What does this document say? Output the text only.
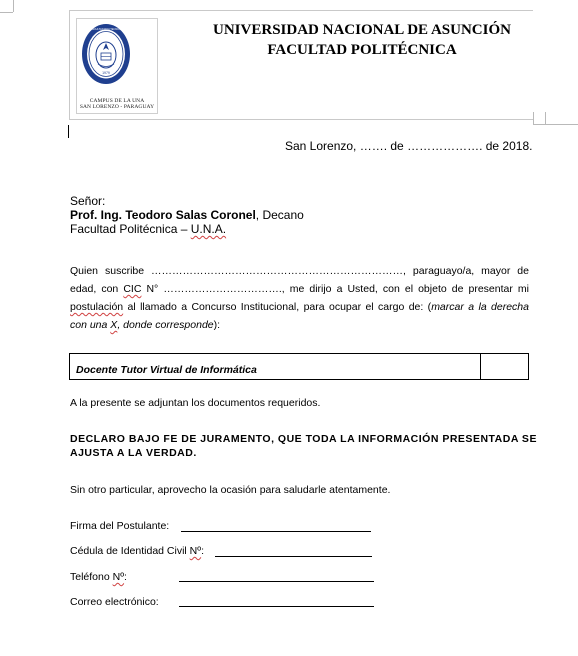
1979
FACULTAD POLITECNICA
CAMPUS DE LA UNA
SAN LORENZO - PARAGUAY
UNIVERSIDAD NACIONAL DE ASUNCIÓN
FACULTAD POLITÉCNICA
San Lorenzo, ……. de ………………. de 2018.
Señor:
Prof. Ing. Teodoro Salas Coronel, Decano
Facultad Politécnica – U.N.A.
Quien suscribe ………………………………………………………………, paraguayo/a, mayor de
edad, con CIC N° ……………………………., me dirijo a Usted, con el objeto de presentar mi
postulación al llamado a Concurso Institucional, para ocupar el cargo de: (marcar a la derecha
con una X, donde corresponde):
Docente Tutor Virtual de Informática
A la presente se adjuntan los documentos requeridos.
DECLARO BAJO FE DE JURAMENTO, QUE TODA LA INFORMACIÓN PRESENTADA SE
AJUSTA A LA VERDAD.
Sin otro particular, aprovecho la ocasión para saludarle atentamente.
Firma del Postulante:
Cédula de Identidad Civil Nº:
Teléfono Nº:
Correo electrónico:
